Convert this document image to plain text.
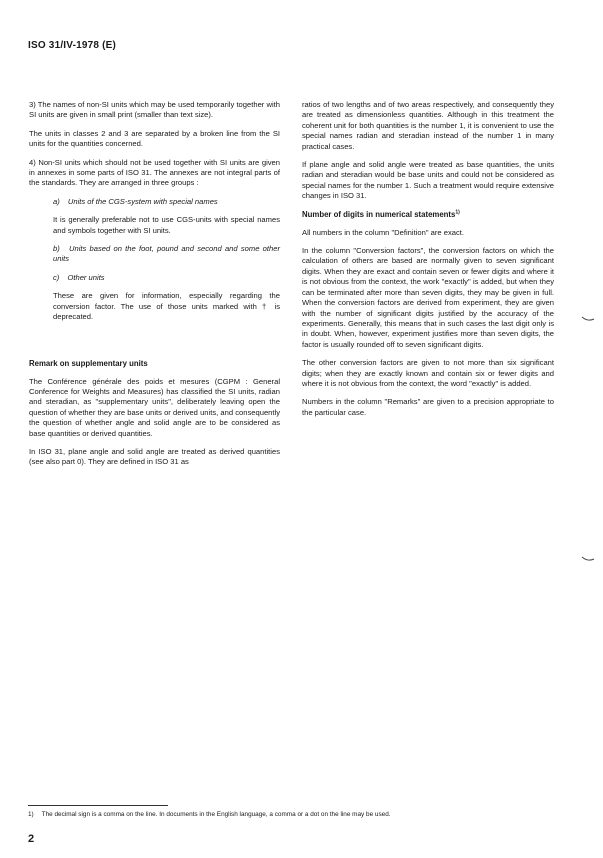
ISO 31/IV-1978 (E)

3) The names of non-SI units which may be used temporarily together with SI units are given in small print (smaller than text size).

The units in classes 2 and 3 are separated by a broken line from the SI units for the quantities concerned.

4) Non-SI units which should not be used together with SI units are given in annexes in some parts of ISO 31. The annexes are not integral parts of the standards. They are arranged in three groups :

a) Units of the CGS-system with special names

It is generally preferable not to use CGS-units with special names and symbols together with SI units.

b) Units based on the foot, pound and second and some other units

c) Other units

These are given for information, especially regarding the conversion factor. The use of those units marked with † is deprecated.

Remark on supplementary units

The Conférence générale des poids et mesures (CGPM : General Conference for Weights and Measures) has classified the SI units, radian and steradian, as "supplementary units", deliberately leaving open the question of whether they are base units or derived units, and consequently the question of whether angle and solid angle are to be considered as base quantities or derived quantities.

In ISO 31, plane angle and solid angle are treated as derived quantities (see also part 0). They are defined in ISO 31 as

ratios of two lengths and of two areas respectively, and consequently they are treated as dimensionless quantities. Although in this treatment the coherent unit for both quantities is the number 1, it is convenient to use the special names radian and steradian instead of the number 1 in many practical cases.

If plane angle and solid angle were treated as base quantities, the units radian and steradian would be base units and could not be considered as special names for the number 1. Such a treatment would require extensive changes in ISO 31.

Number of digits in numerical statements$^{1)}$

All numbers in the column "Definition" are exact.

In the column "Conversion factors", the conversion factors on which the calculation of others are based are normally given to seven significant digits. When they are exact and contain seven or fewer digits and where it is not obvious from the context, the work "exactly" is added, but when they can be terminated after more than seven digits, they may be given in full. When the conversion factors are derived from experiment, they are given with the number of significant digits justified by the accuracy of the experiments. Generally, this means that in such cases the last digit only is in doubt. When, however, experiment justifies more than seven digits, the factor is usually rounded off to seven significant digits.

The other conversion factors are given to not more than six significant digits; when they are exactly known and contain six or fewer digits and where it is not obvious from the context, the word "exactly" is added.

Numbers in the column "Remarks" are given to a precision appropriate to the particular case.

1) The decimal sign is a comma on the line. In documents in the English language, a comma or a dot on the line may be used.
2
